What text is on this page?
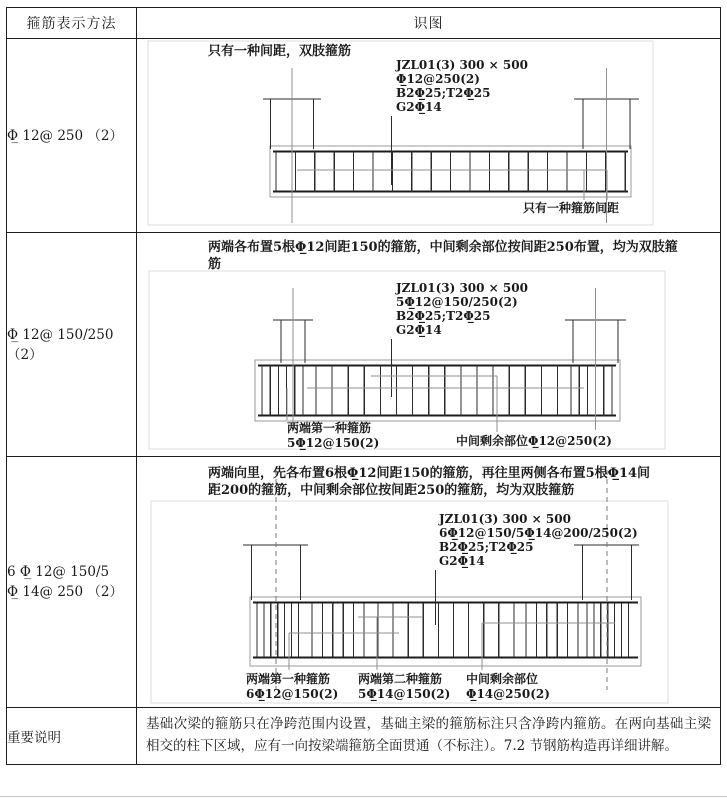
箍筋表示方法	识图

Φ̲ 12@ 250 （2）

只有一种间距，双肢箍筋
JZL01(3) 300 × 500
Φ̲12@250(2)
B2Φ̲25;T2Φ̲25
G2Φ̲14
只有一种箍筋间距

Φ̲ 12@ 150/250 （2）

两端各布置5根Φ̲12间距150的箍筋，中间剩余部位按间距250布置，均为双肢箍筋
JZL01(3) 300 × 500
5Φ̲12@150/250(2)
B2Φ̲25;T2Φ̲25
G2Φ̲14
两端第一种箍筋
5Φ̲12@150(2)	中间剩余部位Φ̲12@250(2)

6 Φ̲ 12@ 150/5
Φ̲ 14@ 250 （2）

两端向里，先各布置6根Φ̲12间距150的箍筋，再往里两侧各布置5根Φ̲14间距200的箍筋，中间剩余部位按间距250的箍筋，均为双肢箍筋
JZL01(3) 300 × 500
6Φ̲12@150/5Φ̲14@200/250(2)
B2Φ̲25;T2Φ̲25
G2Φ̲14
两端第一种箍筋
6Φ̲12@150(2)
两端第二种箍筋
5Φ̲14@150(2)
中间剩余部位
Φ̲14@250(2)

重要说明	基础次梁的箍筋只在净跨范围内设置，基础主梁的箍筋标注只含净跨内箍筋。在两向基础主梁相交的柱下区域，应有一向按梁端箍筋全面贯通（不标注）。7.2 节钢筋构造再详细讲解。
